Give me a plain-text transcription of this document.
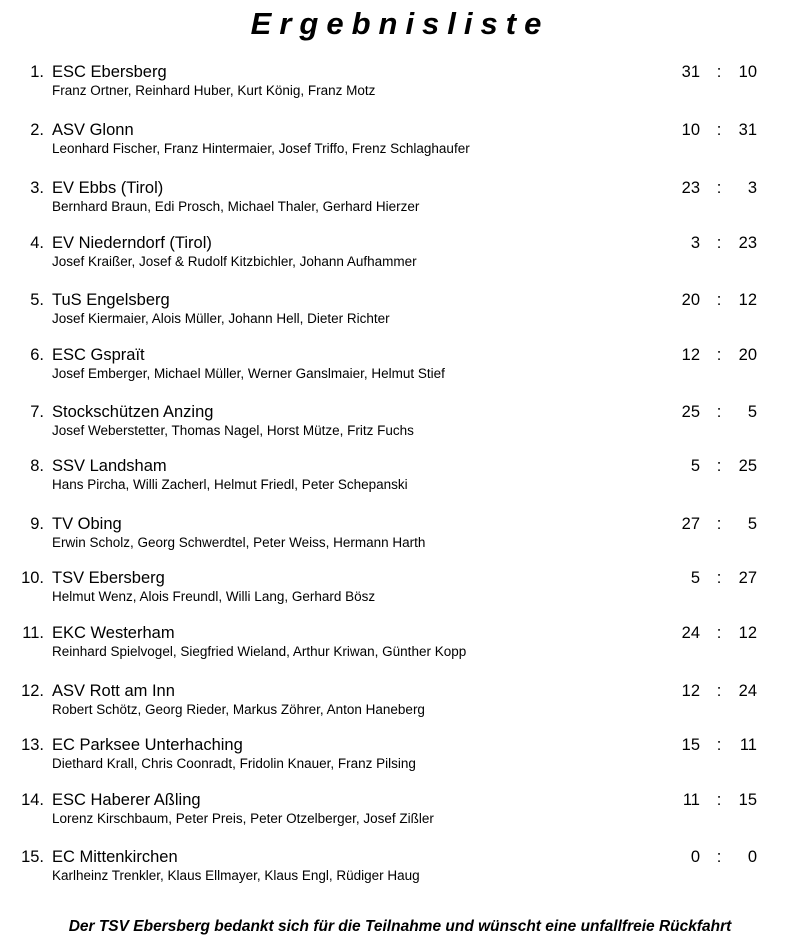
Ergebnisliste
1. ESC Ebersberg
Franz Ortner, Reinhard Huber, Kurt König, Franz Motz
31 :	10
2. ASV Glonn
Leonhard Fischer, Franz Hintermaier, Josef Triffo, Frenz Schlaghaufer
10 :	31
3. EV Ebbs (Tirol)
Bernhard Braun, Edi Prosch, Michael Thaler, Gerhard Hierzer
23 :	3
4. EV Niederndorf (Tirol)
Josef Kraißer, Josef & Rudolf Kitzbichler, Johann Aufhammer
3 :	23
5. TuS Engelsberg
Josef Kiermaier, Alois Müller, Johann Hell, Dieter Richter
20 :	12
6. ESC Gspraït
Josef Emberger, Michael Müller, Werner Ganslmaier, Helmut Stief
12 :	20
7. Stockschützen Anzing
Josef Weberstetter, Thomas Nagel, Horst Mütze, Fritz Fuchs
25 :	5
8. SSV Landsham
Hans Pircha, Willi Zacherl, Helmut Friedl, Peter Schepanski
5 :	25
9. TV Obing
Erwin Scholz, Georg Schwerdtel, Peter Weiss, Hermann Harth
27 :	5
10. TSV Ebersberg
Helmut Wenz, Alois Freundl, Willi Lang, Gerhard Bösz
5 :	27
11. EKC Westerham
Reinhard Spielvogel, Siegfried Wieland, Arthur Kriwan, Günther Kopp
24 :	12
12. ASV Rott am Inn
Robert Schötz, Georg Rieder, Markus Zöhrer, Anton Haneberg
12 :	24
13. EC Parksee Unterhaching
Diethard Krall, Chris Coonradt, Fridolin Knauer, Franz Pilsing
15 :	11
14. ESC Haberer Aßling
Lorenz Kirschbaum, Peter Preis, Peter Otzelberger, Josef Zißler
11 :	15
15. EC Mittenkirchen
Karlheinz Trenkler, Klaus Ellmayer, Klaus Engl, Rüdiger Haug
0 :	0
Der TSV Ebersberg bedankt sich für die Teilnahme und wünscht eine unfallfreie Rückfahrt
